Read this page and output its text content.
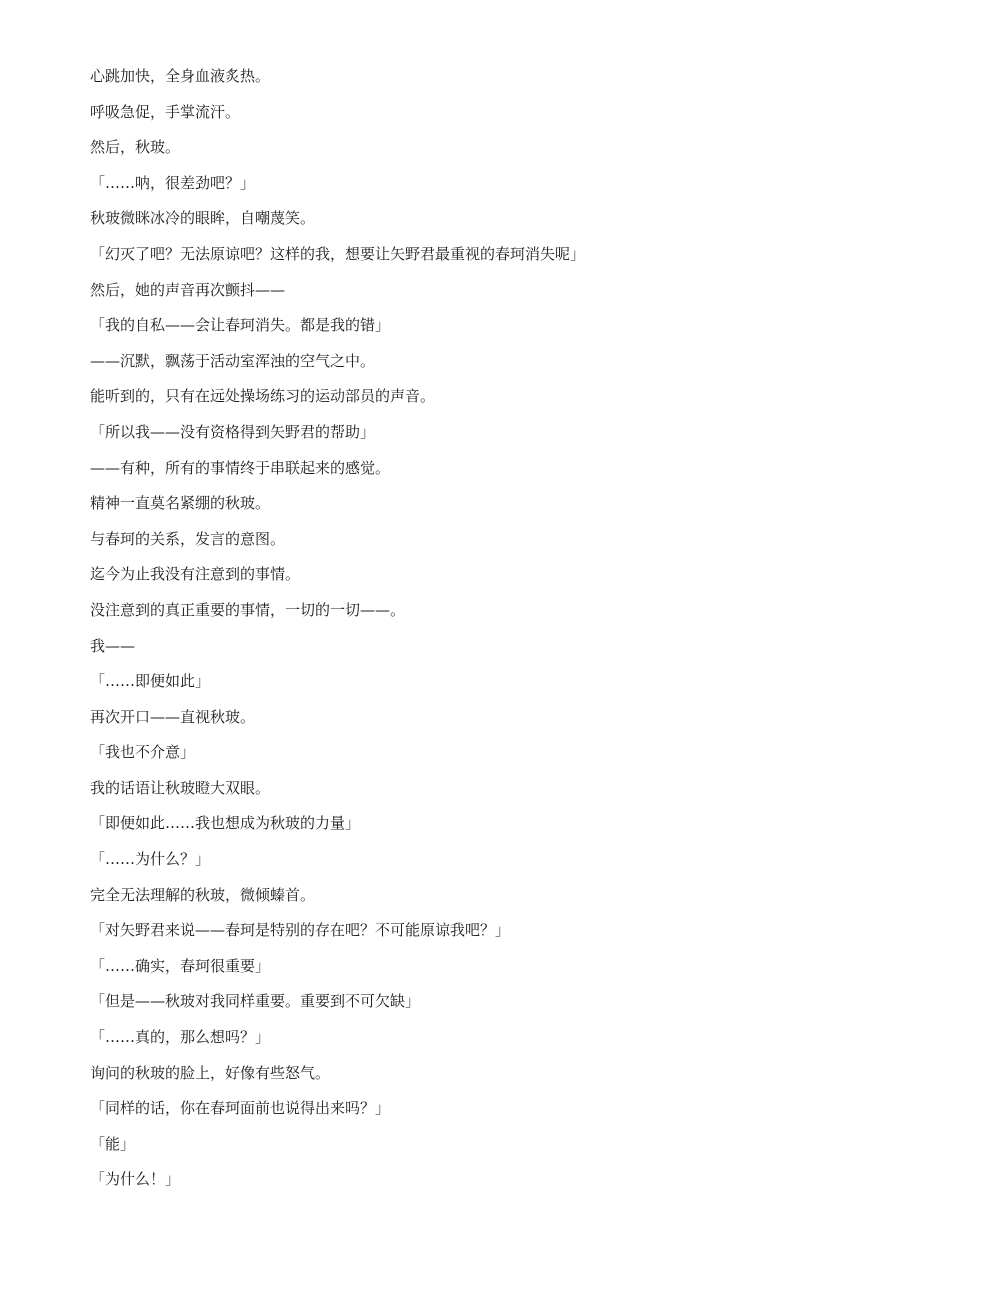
心跳加快，全身血液炙热。
呼吸急促，手掌流汗。
然后，秋玻。
「……呐，很差劲吧？」
秋玻微眯冰冷的眼眸，自嘲蔑笑。
「幻灭了吧？无法原谅吧？这样的我，想要让矢野君最重视的春珂消失呢」
然后，她的声音再次颤抖——
「我的自私——会让春珂消失。都是我的错」
——沉默，飘荡于活动室浑浊的空气之中。
能听到的，只有在远处操场练习的运动部员的声音。
「所以我——没有资格得到矢野君的帮助」
——有种，所有的事情终于串联起来的感觉。
精神一直莫名紧绷的秋玻。
与春珂的关系，发言的意图。
迄今为止我没有注意到的事情。
没注意到的真正重要的事情，一切的一切——。
我——
「……即便如此」
再次开口——直视秋玻。
「我也不介意」
我的话语让秋玻瞪大双眼。
「即便如此……我也想成为秋玻的力量」
「……为什么？」
完全无法理解的秋玻，微倾螓首。
「对矢野君来说——春珂是特别的存在吧？不可能原谅我吧？」
「……确实，春珂很重要」
「但是——秋玻对我同样重要。重要到不可欠缺」
「……真的，那么想吗？」
询问的秋玻的脸上，好像有些怒气。
「同样的话，你在春珂面前也说得出来吗？」
「能」
「为什么！」
